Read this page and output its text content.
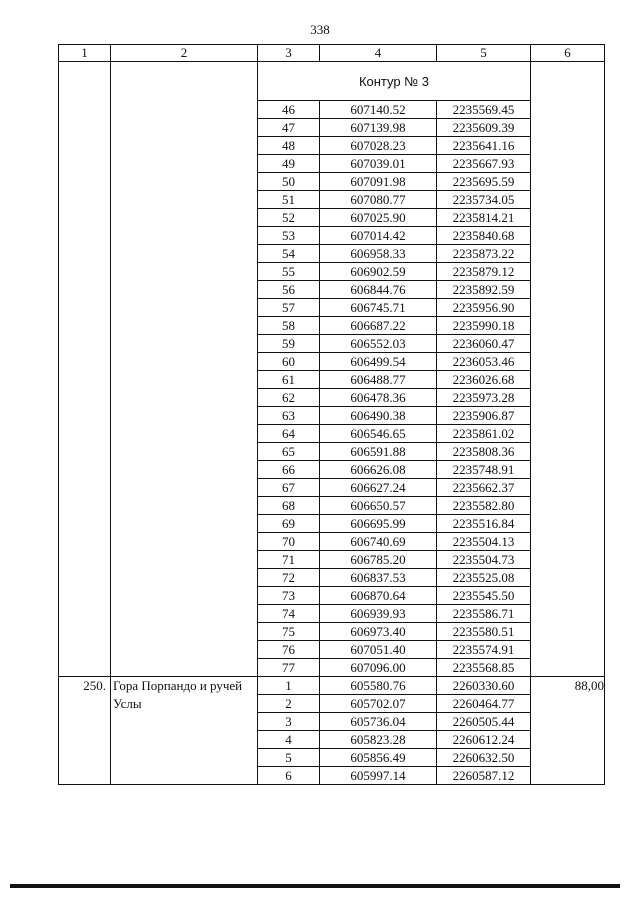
338
1	2	3	4	5	6
		Контур № 3			
		46	607140.52	2235569.45	
		47	607139.98	2235609.39	
		48	607028.23	2235641.16	
		49	607039.01	2235667.93	
		50	607091.98	2235695.59	
		51	607080.77	2235734.05	
		52	607025.90	2235814.21	
		53	607014.42	2235840.68	
		54	606958.33	2235873.22	
		55	606902.59	2235879.12	
		56	606844.76	2235892.59	
		57	606745.71	2235956.90	
		58	606687.22	2235990.18	
		59	606552.03	2236060.47	
		60	606499.54	2236053.46	
		61	606488.77	2236026.68	
		62	606478.36	2235973.28	
		63	606490.38	2235906.87	
		64	606546.65	2235861.02	
		65	606591.88	2235808.36	
		66	606626.08	2235748.91	
		67	606627.24	2235662.37	
		68	606650.57	2235582.80	
		69	606695.99	2235516.84	
		70	606740.69	2235504.13	
		71	606785.20	2235504.73	
		72	606837.53	2235525.08	
		73	606870.64	2235545.50	
		74	606939.93	2235586.71	
		75	606973.40	2235580.51	
		76	607051.40	2235574.91	
		77	607096.00	2235568.85	
250.	Гора Порпандо и ручей Услы	1	605580.76	2260330.60	88,00
		2	605702.07	2260464.77	
		3	605736.04	2260505.44	
		4	605823.28	2260612.24	
		5	605856.49	2260632.50	
		6	605997.14	2260587.12	
